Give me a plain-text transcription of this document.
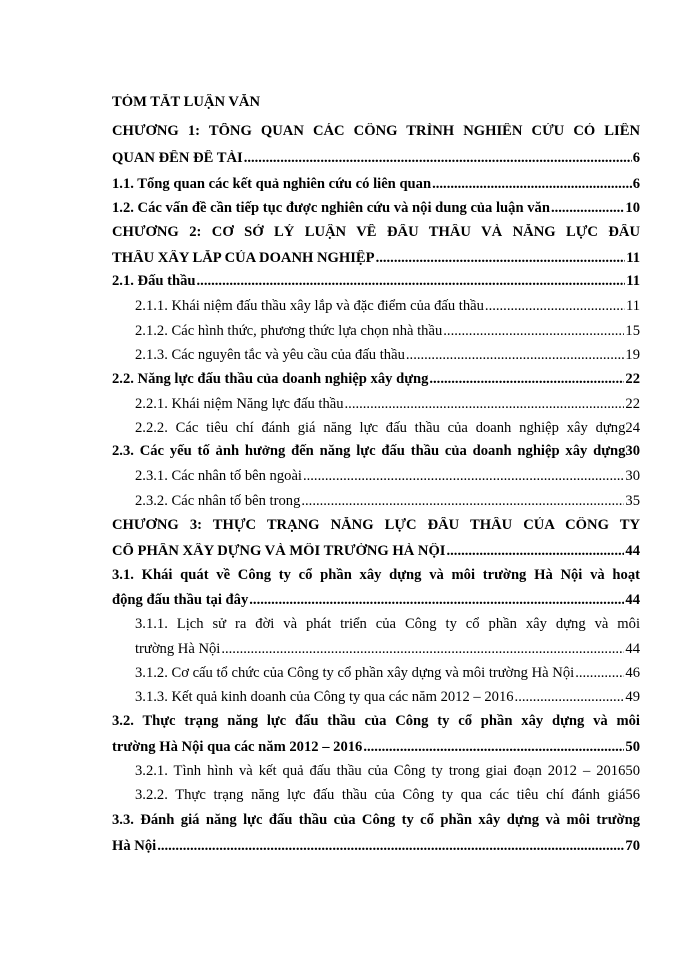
TÓM TẮT LUẬN VĂN
CHƯƠNG 1: TỔNG QUAN CÁC CÔNG TRÌNH NGHIÊN CỨU CÓ LIÊN
QUAN ĐẾN ĐỀ TÀI .....	6
1.1. Tổng quan các kết quả nghiên cứu có liên quan .....	6
1.2. Các vấn đề cần tiếp tục được nghiên cứu và nội dung của luận văn .....	10
CHƯƠNG 2: CƠ SỞ LÝ LUẬN VỀ ĐẤU THẦU VÀ NĂNG LỰC ĐẤU
THẦU XÂY LẮP CỦA DOANH NGHIỆP .....	11
2.1. Đấu thầu .....	11
2.1.1. Khái niệm đấu thầu xây lắp và đặc điểm của đấu thầu .....	11
2.1.2. Các hình thức, phương thức lựa chọn nhà thầu .....	15
2.1.3. Các nguyên tắc và yêu cầu của đấu thầu .....	19
2.2. Năng lực đấu thầu của doanh nghiệp xây dựng .....	22
2.2.1. Khái niệm Năng lực đấu thầu .....	22
2.2.2. Các tiêu chí đánh giá năng lực đấu thầu của doanh nghiệp xây dựng 24
2.3. Các yếu tố ảnh hưởng đến năng lực đấu thầu của doanh nghiệp xây dựng 30
2.3.1. Các nhân tố bên ngoài .....	30
2.3.2. Các nhân tố bên trong .....	35
CHƯƠNG 3: THỰC TRẠNG NĂNG LỰC ĐẤU THẦU CỦA CÔNG TY
CỔ PHẦN XÂY DỰNG VÀ MÔI TRƯỜNG HÀ NỘI .....	44
3.1. Khái quát về Công ty cổ phần xây dựng và môi trường Hà Nội và hoạt
động đấu thầu tại đây .....	44
3.1.1. Lịch sử ra đời và phát triển của Công ty cổ phần xây dựng và môi
trường Hà Nội .....	44
3.1.2. Cơ cấu tổ chức của Công ty cổ phần xây dựng và môi trường Hà Nội .....	46
3.1.3. Kết quả kinh doanh của Công ty qua các năm 2012 – 2016 .....	49
3.2. Thực trạng năng lực đấu thầu của Công ty cổ phần xây dựng và môi
trường Hà Nội qua các năm 2012 – 2016 .....	50
3.2.1. Tình hình và kết quả đấu thầu của Công ty trong giai đoạn 2012 – 2016 50
3.2.2. Thực trạng năng lực đấu thầu của Công ty qua các tiêu chí đánh giá 56
3.3. Đánh giá năng lực đấu thầu của Công ty cổ phần xây dựng và môi trường
Hà Nội .....	70
